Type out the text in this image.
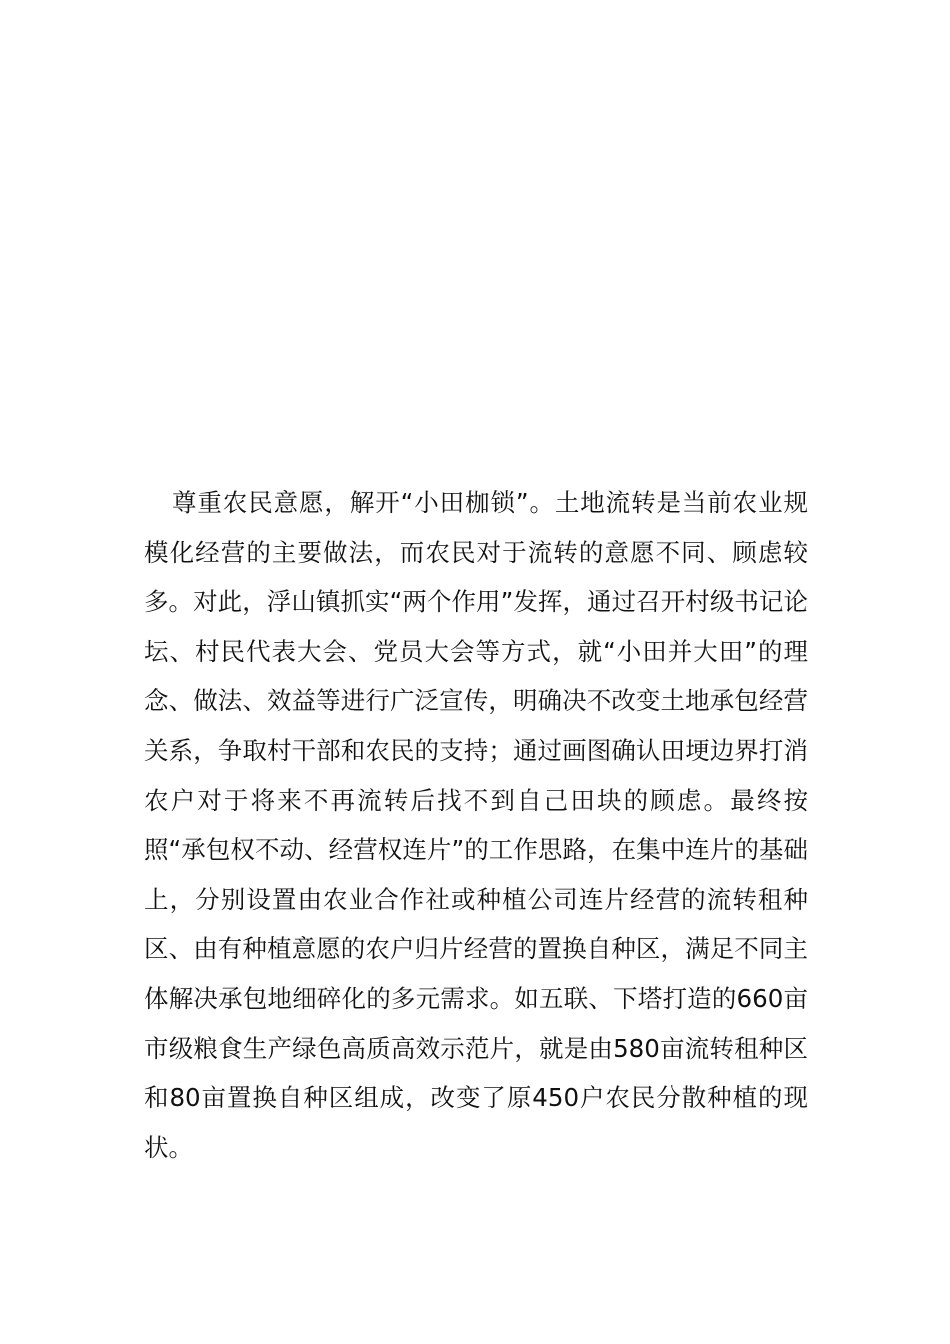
尊重农民意愿，解开“小田枷锁”。土地流转是当前农业规模化经营的主要做法，而农民对于流转的意愿不同、顾虑较多。对此，浮山镇抓实“两个作用”发挥，通过召开村级书记论坛、村民代表大会、党员大会等方式，就“小田并大田”的理念、做法、效益等进行广泛宣传，明确决不改变土地承包经营关系，争取村干部和农民的支持；通过画图确认田埂边界打消农户对于将来不再流转后找不到自己田块的顾虑。最终按照“承包权不动、经营权连片”的工作思路，在集中连片的基础上，分别设置由农业合作社或种植公司连片经营的流转租种区、由有种植意愿的农户归片经营的置换自种区，满足不同主体解决承包地细碎化的多元需求。如五联、下塔打造的660亩市级粮食生产绿色高质高效示范片，就是由580亩流转租种区和80亩置换自种区组成，改变了原450户农民分散种植的现状。
